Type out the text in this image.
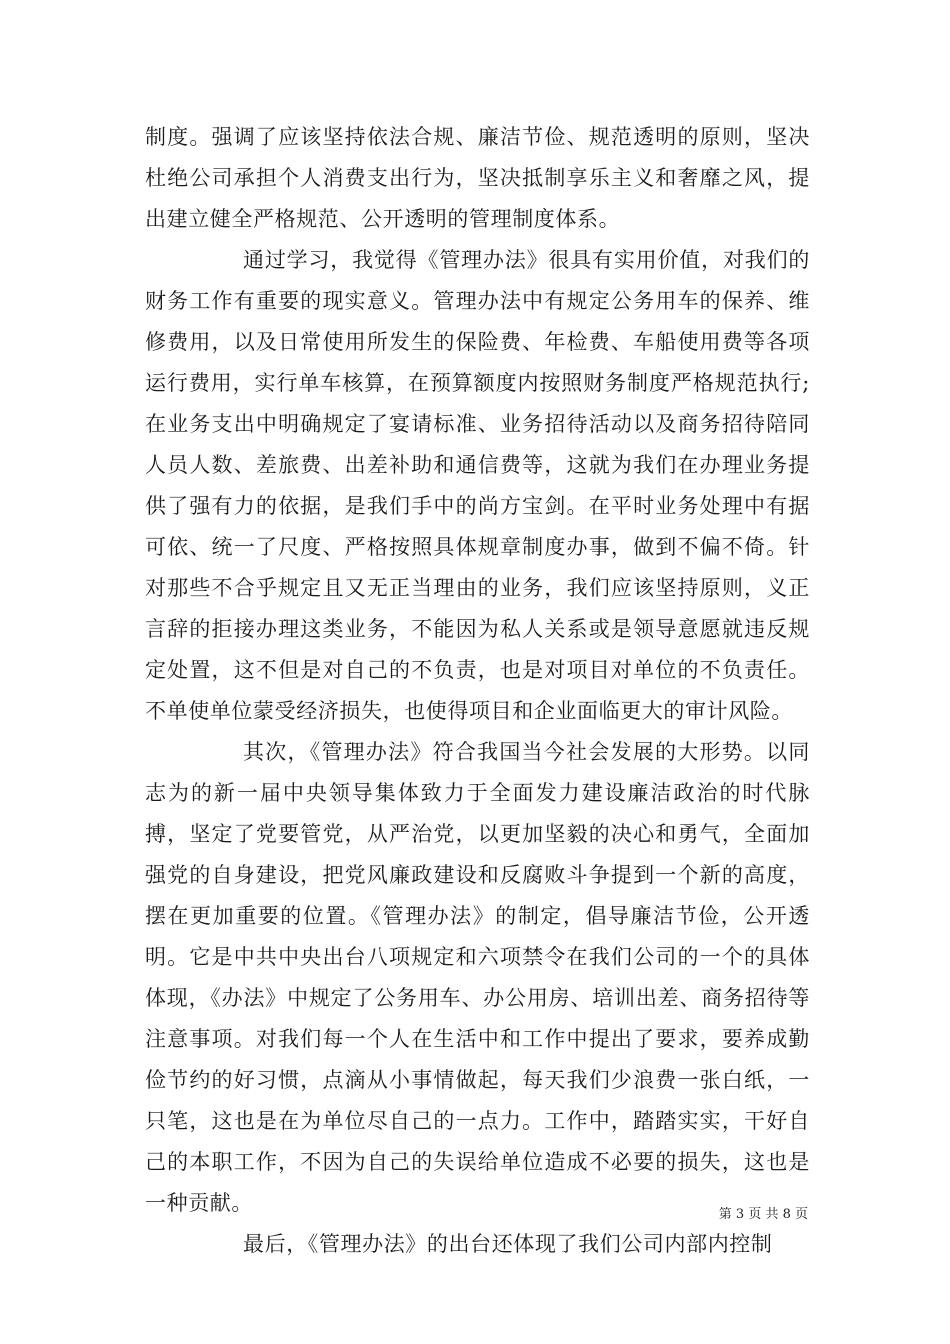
制度。强调了应该坚持依法合规、廉洁节俭、规范透明的原则，坚决杜绝公司承担个人消费支出行为，坚决抵制享乐主义和奢靡之风，提出建立健全严格规范、公开透明的管理制度体系。

通过学习，我觉得《管理办法》很具有实用价值，对我们的财务工作有重要的现实意义。管理办法中有规定公务用车的保养、维修费用，以及日常使用所发生的保险费、年检费、车船使用费等各项运行费用，实行单车核算，在预算额度内按照财务制度严格规范执行;在业务支出中明确规定了宴请标准、业务招待活动以及商务招待陪同人员人数、差旅费、出差补助和通信费等，这就为我们在办理业务提供了强有力的依据，是我们手中的尚方宝剑。在平时业务处理中有据可依、统一了尺度、严格按照具体规章制度办事，做到不偏不倚。针对那些不合乎规定且又无正当理由的业务，我们应该坚持原则，义正言辞的拒接办理这类业务，不能因为私人关系或是领导意愿就违反规定处置，这不但是对自己的不负责，也是对项目对单位的不负责任。不单使单位蒙受经济损失，也使得项目和企业面临更大的审计风险。

其次，《管理办法》符合我国当今社会发展的大形势。以同志为的新一届中央领导集体致力于全面发力建设廉洁政治的时代脉搏，坚定了党要管党，从严治党，以更加坚毅的决心和勇气，全面加强党的自身建设，把党风廉政建设和反腐败斗争提到一个新的高度，摆在更加重要的位置。《管理办法》的制定，倡导廉洁节俭，公开透明。它是中共中央出台八项规定和六项禁令在我们公司的一个的具体体现，《办法》中规定了公务用车、办公用房、培训出差、商务招待等注意事项。对我们每一个人在生活中和工作中提出了要求，要养成勤俭节约的好习惯，点滴从小事情做起，每天我们少浪费一张白纸，一只笔，这也是在为单位尽自己的一点力。工作中，踏踏实实，干好自己的本职工作，不因为自己的失误给单位造成不必要的损失，这也是一种贡献。

最后，《管理办法》的出台还体现了我们公司内部内控制

第 3 页 共 8 页
